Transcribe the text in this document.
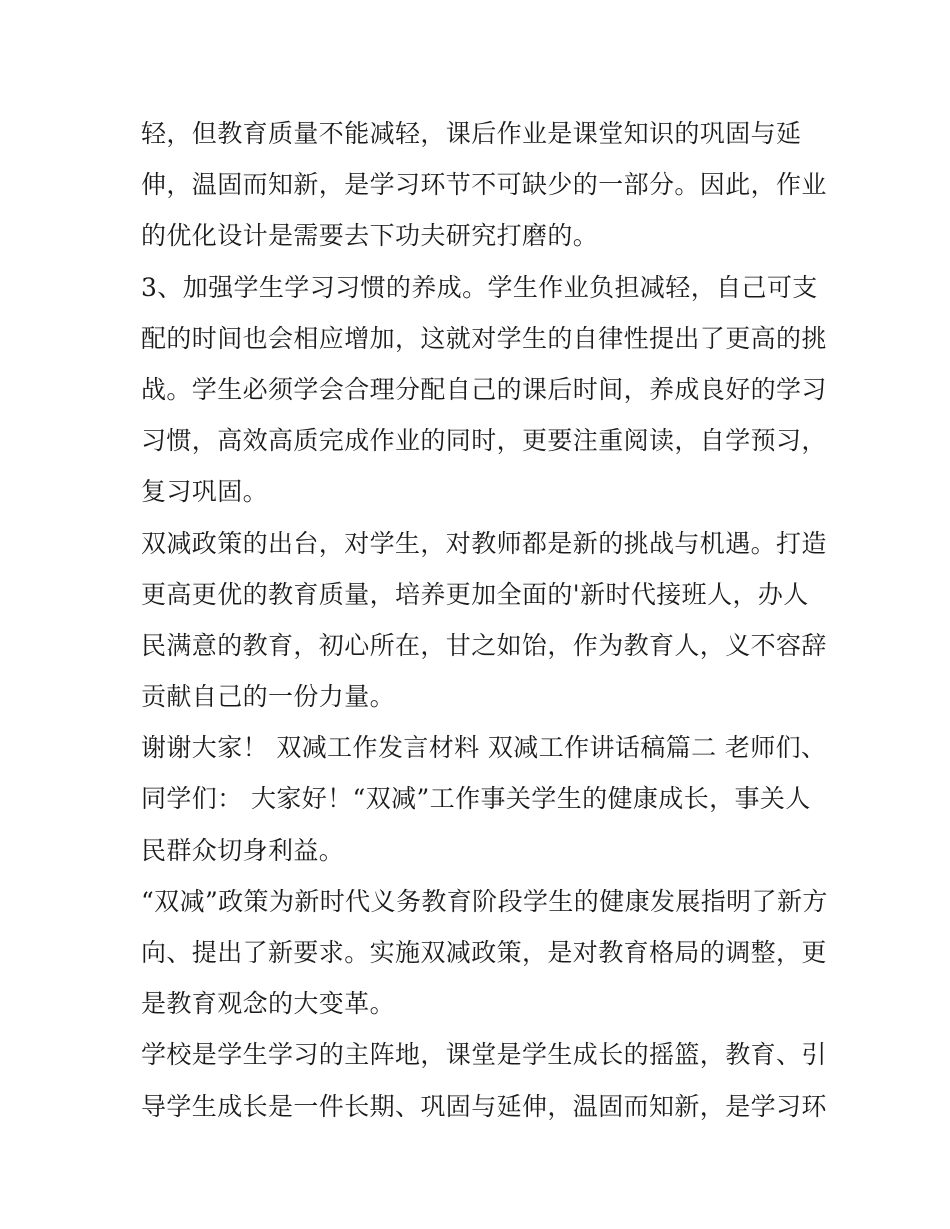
轻，但教育质量不能减轻，课后作业是课堂知识的巩固与延
伸，温固而知新，是学习环节不可缺少的一部分。因此，作业
的优化设计是需要去下功夫研究打磨的。
3、加强学生学习习惯的养成。学生作业负担减轻，自己可支
配的时间也会相应增加，这就对学生的自律性提出了更高的挑
战。学生必须学会合理分配自己的课后时间，养成良好的学习
习惯，高效高质完成作业的同时，更要注重阅读，自学预习，
复习巩固。
双减政策的出台，对学生，对教师都是新的挑战与机遇。打造
更高更优的教育质量，培养更加全面的'新时代接班人，办人
民满意的教育，初心所在，甘之如饴，作为教育人，义不容辞
贡献自己的一份力量。
谢谢大家！ 双减工作发言材料 双减工作讲话稿篇二 老师们、
同学们： 大家好！“双减”工作事关学生的健康成长，事关人
民群众切身利益。
“双减”政策为新时代义务教育阶段学生的健康发展指明了新方
向、提出了新要求。实施双减政策，是对教育格局的调整，更
是教育观念的大变革。
学校是学生学习的主阵地，课堂是学生成长的摇篮，教育、引
导学生成长是一件长期、巩固与延伸，温固而知新，是学习环
